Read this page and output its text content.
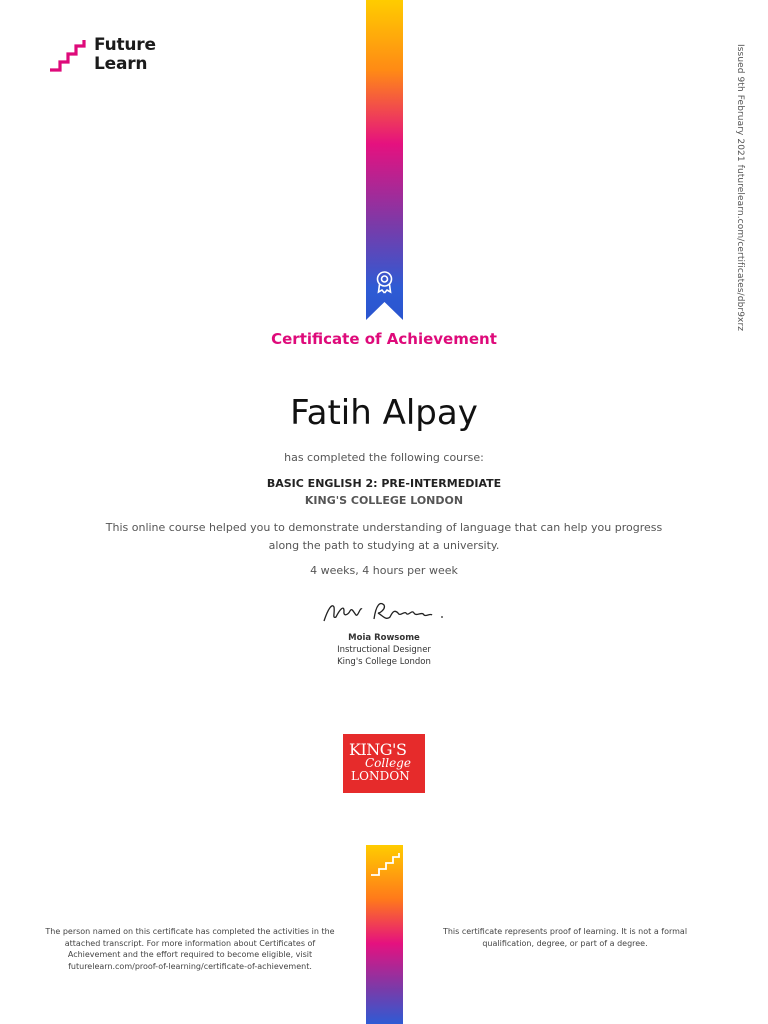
Future
Learn	Issued 9th February 2021 futurelearn.com/certificates/dbr9xrz
Certificate of Achievement
Fatih Alpay
has completed the following course:
BASIC ENGLISH 2: PRE-INTERMEDIATE
KING'S COLLEGE LONDON
This online course helped you to demonstrate understanding of language that can help you progress
along the path to studying at a university.
4 weeks, 4 hours per week
Moia Rowsome
Instructional Designer
King's College London
KING'S
College
LONDON
The person named on this certificate has completed the activities in the
attached transcript. For more information about Certificates of
Achievement and the effort required to become eligible, visit
futurelearn.com/proof-of-learning/certificate-of-achievement.
This certificate represents proof of learning. It is not a formal
qualification, degree, or part of a degree.
